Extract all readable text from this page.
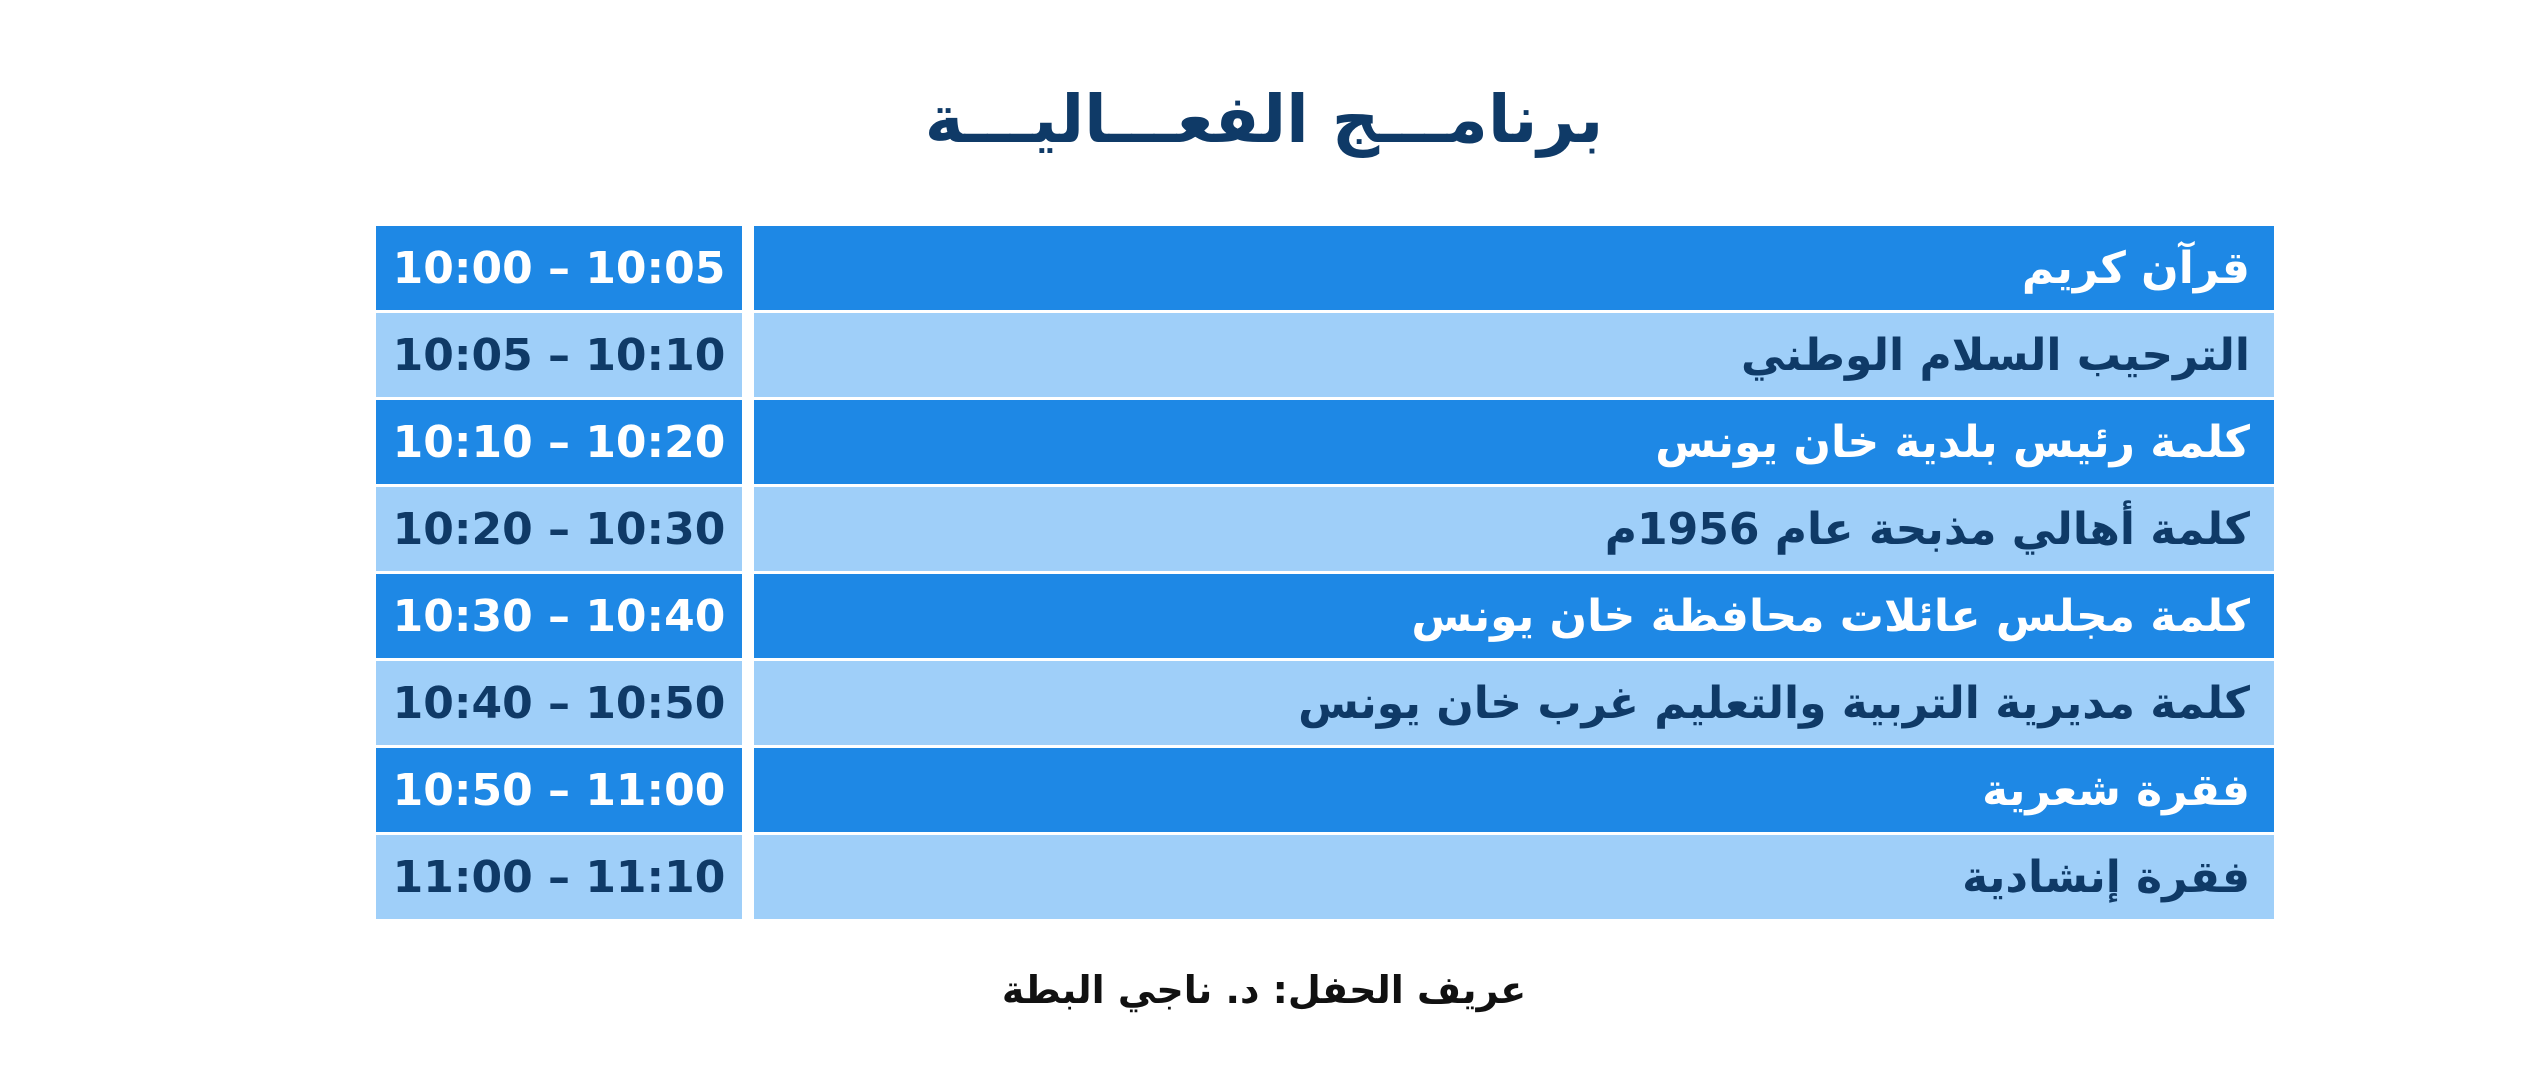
برنامـــج الفعـــاليـــة
10:00 – 10:05	قرآن كريم
10:05 – 10:10	الترحيب السلام الوطني
10:10 – 10:20	كلمة رئيس بلدية خان يونس
10:20 – 10:30	كلمة أهالي مذبحة عام 1956م
10:30 – 10:40	كلمة مجلس عائلات محافظة خان يونس
10:40 – 10:50	كلمة مديرية التربية والتعليم غرب خان يونس
10:50 – 11:00	فقرة شعرية
11:00 – 11:10	فقرة إنشادية
عريف الحفل: د. ناجي البطة
